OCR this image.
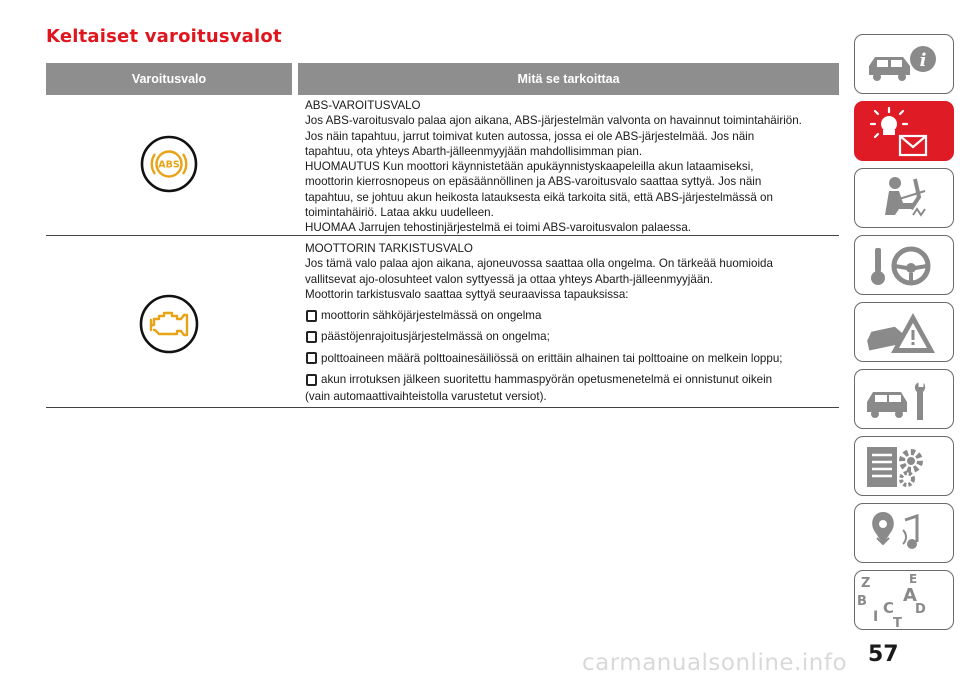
Keltaiset varoitusvalot
Varoitusvalo	Mitä se tarkoittaa
ABS

ABS-VAROITUSVALO

Jos ABS-varoitusvalo palaa ajon aikana, ABS-järjestelmän valvonta on havainnut toimintahäiriön.

Jos näin tapahtuu, jarrut toimivat kuten autossa, jossa ei ole ABS-järjestelmää. Jos näin

tapahtuu, ota yhteys Abarth-jälleenmyyjään mahdollisimman pian.

HUOMAUTUS Kun moottori käynnistetään apukäynnistyskaapeleilla akun lataamiseksi,

moottorin kierrosnopeus on epäsäännöllinen ja ABS-varoitusvalo saattaa syttyä. Jos näin

tapahtuu, se johtuu akun heikosta latauksesta eikä tarkoita sitä, että ABS-järjestelmässä on

toimintahäiriö. Lataa akku uudelleen.

HUOMAA Jarrujen tehostinjärjestelmä ei toimi ABS-varoitusvalon palaessa.

MOOTTORIN TARKISTUSVALO

Jos tämä valo palaa ajon aikana, ajoneuvossa saattaa olla ongelma. On tärkeää huomioida

vallitsevat ajo-olosuhteet valon syttyessä ja ottaa yhteys Abarth-jälleenmyyjään.

Moottorin tarkistusvalo saattaa syttyä seuraavissa tapauksissa:

moottorin sähköjärjestelmässä on ongelma
päästöjenrajoitusjärjestelmässä on ongelma;
polttoaineen määrä polttoainesäiliössä on erittäin alhainen tai polttoaine on melkein loppu;
akun irrotuksen jälkeen suoritettu hammaspyörän opetusmenetelmä ei onnistunut oikein

(vain automaattivaihteistolla varustetut versiot).

i
Z	E
B A
I C D
T
carmanualsonline.info 57
